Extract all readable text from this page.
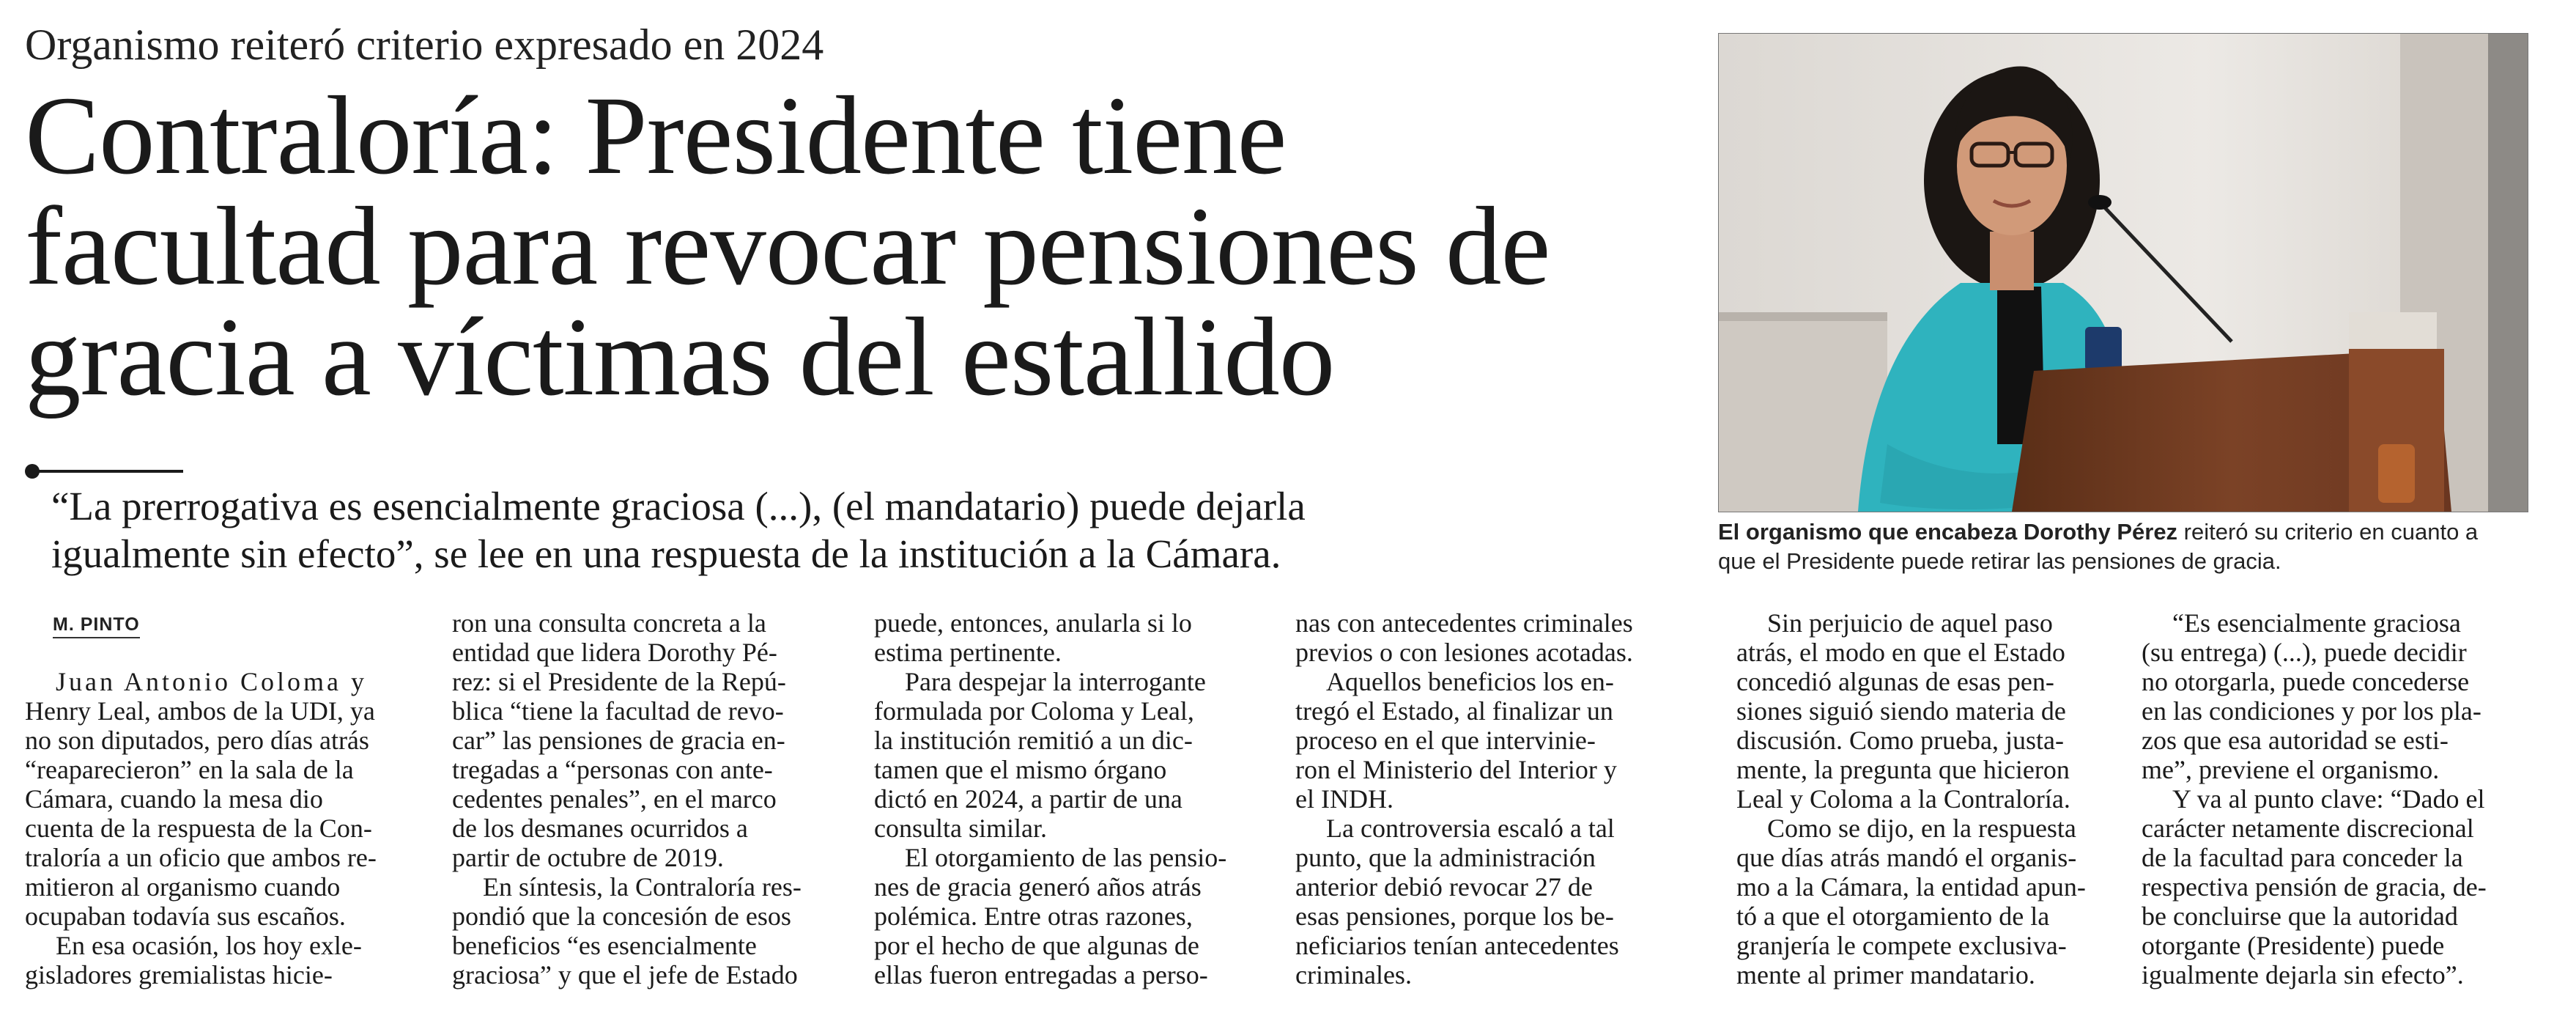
Organismo reiteró criterio expresado en 2024
Contraloría: Presidente tiene
facultad para revocar pensiones de
gracia a víctimas del estallido
“La prerrogativa es esencialmente graciosa (...), (el mandatario) puede dejarla
igualmente sin efecto”, se lee en una respuesta de la institución a la Cámara.	El organismo que encabeza Dorothy Pérez reiteró su criterio en cuanto a
que el Presidente puede retirar las pensiones de gracia.
M. PINTO
Juan Antonio Coloma y
Henry Leal, ambos de la UDI, ya
no son diputados, pero días atrás
“reaparecieron” en la sala de la
Cámara, cuando la mesa dio
cuenta de la respuesta de la Con-
traloría a un oficio que ambos re-
mitieron al organismo cuando
ocupaban todavía sus escaños.
En esa ocasión, los hoy exle-
gisladores gremialistas hicie-
ron una consulta concreta a la
entidad que lidera Dorothy Pé-
rez: si el Presidente de la Repú-
blica “tiene la facultad de revo-
car” las pensiones de gracia en-
tregadas a “personas con ante-
cedentes penales”, en el marco
de los desmanes ocurridos a
partir de octubre de 2019.
En síntesis, la Contraloría res-
pondió que la concesión de esos
beneficios “es esencialmente
graciosa” y que el jefe de Estado
puede, entonces, anularla si lo
estima pertinente.
Para despejar la interrogante
formulada por Coloma y Leal,
la institución remitió a un dic-
tamen que el mismo órgano
dictó en 2024, a partir de una
consulta similar.
El otorgamiento de las pensio-
nes de gracia generó años atrás
polémica. Entre otras razones,
por el hecho de que algunas de
ellas fueron entregadas a perso-
nas con antecedentes criminales
previos o con lesiones acotadas.
Aquellos beneficios los en-
tregó el Estado, al finalizar un
proceso en el que intervinie-
ron el Ministerio del Interior y
el INDH.
La controversia escaló a tal
punto, que la administración
anterior debió revocar 27 de
esas pensiones, porque los be-
neficiarios tenían antecedentes
criminales.
Sin perjuicio de aquel paso
atrás, el modo en que el Estado
concedió algunas de esas pen-
siones siguió siendo materia de
discusión. Como prueba, justa-
mente, la pregunta que hicieron
Leal y Coloma a la Contraloría.
Como se dijo, en la respuesta
que días atrás mandó el organis-
mo a la Cámara, la entidad apun-
tó a que el otorgamiento de la
granjería le compete exclusiva-
mente al primer mandatario.
“Es esencialmente graciosa
(su entrega) (...), puede decidir
no otorgarla, puede concederse
en las condiciones y por los pla-
zos que esa autoridad se esti-
me”, previene el organismo.
Y va al punto clave: “Dado el
carácter netamente discrecional
de la facultad para conceder la
respectiva pensión de gracia, de-
be concluirse que la autoridad
otorgante (Presidente) puede
igualmente dejarla sin efecto”.
